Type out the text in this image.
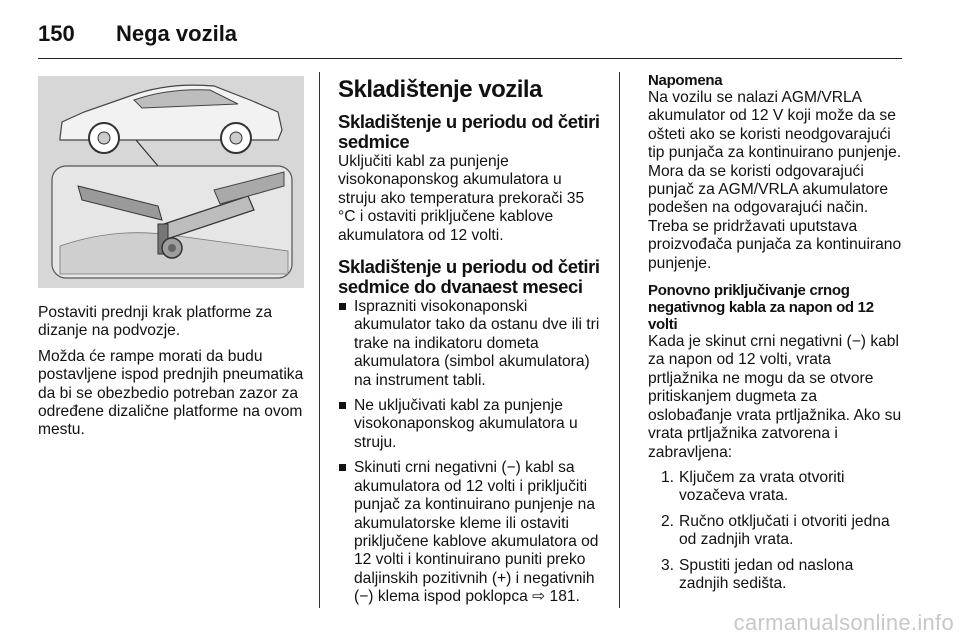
150	Nega vozila

Postaviti prednji krak platforme za dizanje na podvozje.

Možda će rampe morati da budu postavljene ispod prednjih pneumatika da bi se obezbedio potreban zazor za određene dizalične platforme na ovom mestu.

Skladištenje vozila
Skladištenje u periodu od četiri sedmice

Uključiti kabl za punjenje visokonaponskog akumulatora u struju ako temperatura prekorači 35 °C i ostaviti priključene kablove akumulatora od 12 volti.

Skladištenje u periodu od četiri sedmice do dvanaest meseci
Isprazniti visokonaponski akumulator tako da ostanu dve ili tri trake na indikatoru dometa akumulatora (simbol akumulatora) na instrument tabli.
Ne uključivati kabl za punjenje visokonaponskog akumulatora u struju.
Skinuti crni negativni (−) kabl sa akumulatora od 12 volti i priključiti punjač za kontinuirano punjenje na akumulatorske kleme ili ostaviti priključene kablove akumulatora od 12 volti i kontinuirano puniti preko daljinskih pozitivnih (+) i negativnih (−) klema ispod poklopca ⇨ 181.
Napomena

Na vozilu se nalazi AGM/VRLA akumulator od 12 V koji može da se ošteti ako se koristi neodgovarajući tip punjača za kontinuirano punjenje. Mora da se koristi odgovarajući punjač za AGM/VRLA akumulatore podešen na odgovarajući način. Treba se pridržavati uputstava proizvođača punjača za kontinuirano punjenje.

Ponovno priključivanje crnog negativnog kabla za napon od 12 volti

Kada je skinut crni negativni (−) kabl za napon od 12 volti, vrata prtljažnika ne mogu da se otvore pritiskanjem dugmeta za oslobađanje vrata prtljažnika. Ako su vrata prtljažnika zatvorena i zabravljena:

1. Ključem za vrata otvoriti vozačeva vrata.
2. Ručno otključati i otvoriti jedna od zadnjih vrata.
3. Spustiti jedan od naslona zadnjih sedišta.
carmanualsonline.info
